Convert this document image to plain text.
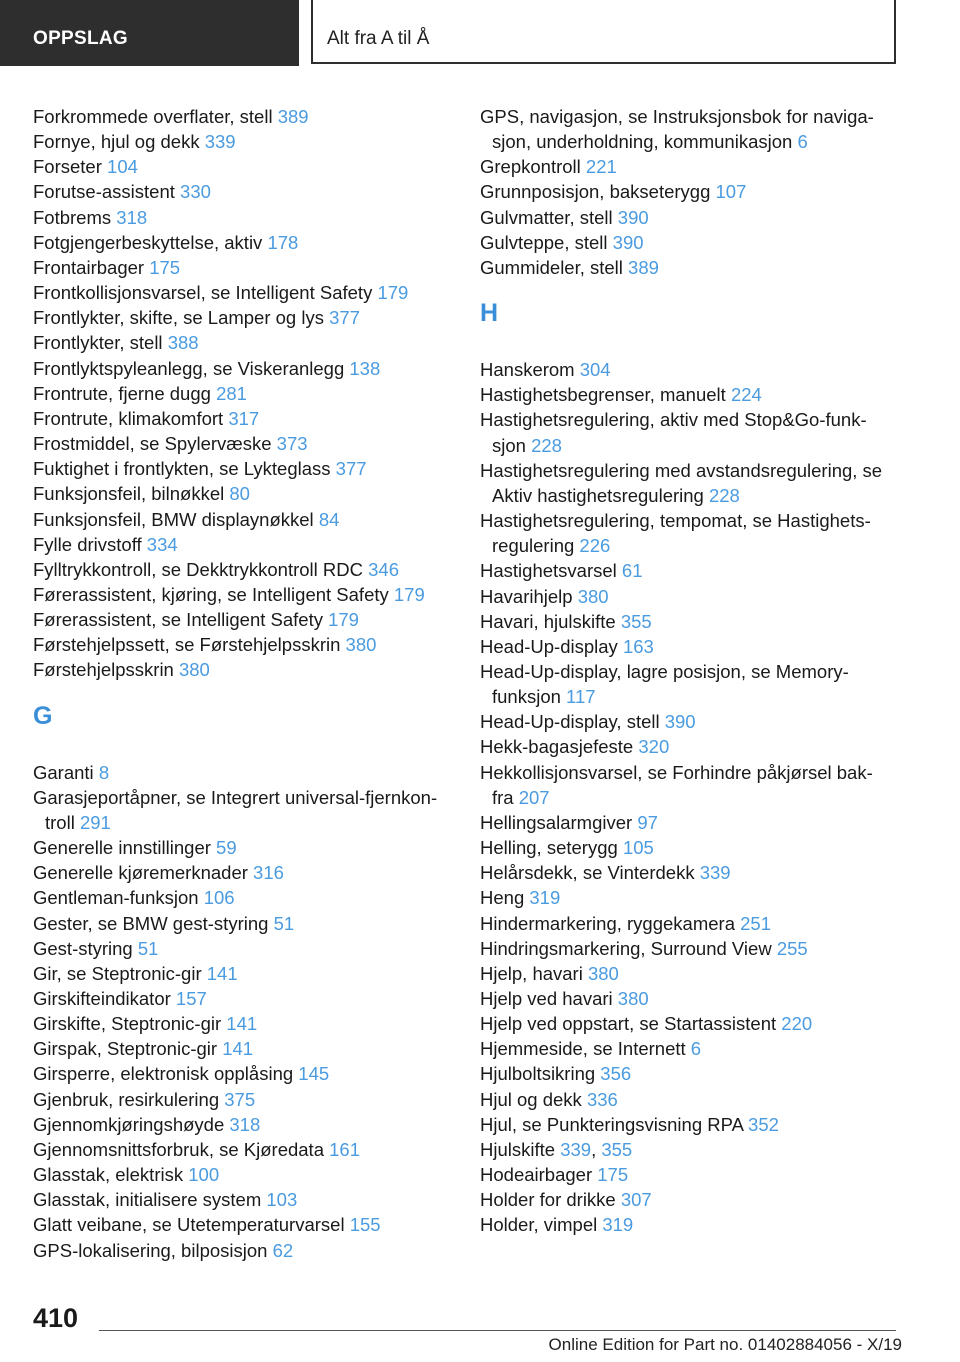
OPPSLAG	Alt fra A til Å
Forkrommede overflater, stell 389
Fornye, hjul og dekk 339
Forseter 104
Forutse-assistent 330
Fotbrems 318
Fotgjengerbeskyttelse, aktiv 178
Frontairbager 175
Frontkollisjonsvarsel, se Intelligent Safety 179
Frontlykter, skifte, se Lamper og lys 377
Frontlykter, stell 388
Frontlyktspyleanlegg, se Viskeranlegg 138
Frontrute, fjerne dugg 281
Frontrute, klimakomfort 317
Frostmiddel, se Spylervæske 373
Fuktighet i frontlykten, se Lykteglass 377
Funksjonsfeil, bilnøkkel 80
Funksjonsfeil, BMW displaynøkkel 84
Fylle drivstoff 334
Fylltrykkontroll, se Dekktrykkontroll RDC 346
Førerassistent, kjøring, se Intelligent Safety 179
Førerassistent, se Intelligent Safety 179
Førstehjelpssett, se Førstehjelpsskrin 380
Førstehjelpsskrin 380
G
Garanti 8
Garasjeportåpner, se Integrert universal-fjernkon-
troll 291
Generelle innstillinger 59
Generelle kjøremerknader 316
Gentleman-funksjon 106
Gester, se BMW gest-styring 51
Gest-styring 51
Gir, se Steptronic-gir 141
Girskifteindikator 157
Girskifte, Steptronic-gir 141
Girspak, Steptronic-gir 141
Girsperre, elektronisk opplåsing 145
Gjenbruk, resirkulering 375
Gjennomkjøringshøyde 318
Gjennomsnittsforbruk, se Kjøredata 161
Glasstak, elektrisk 100
Glasstak, initialisere system 103
Glatt veibane, se Utetemperaturvarsel 155
GPS-lokalisering, bilposisjon 62
GPS, navigasjon, se Instruksjonsbok for naviga-
sjon, underholdning, kommunikasjon 6
Grepkontroll 221
Grunnposisjon, bakseterygg 107
Gulvmatter, stell 390
Gulvteppe, stell 390
Gummideler, stell 389
H
Hanskerom 304
Hastighetsbegrenser, manuelt 224
Hastighetsregulering, aktiv med Stop&Go-funk-
sjon 228
Hastighetsregulering med avstandsregulering, se
Aktiv hastighetsregulering 228
Hastighetsregulering, tempomat, se Hastighets-
regulering 226
Hastighetsvarsel 61
Havarihjelp 380
Havari, hjulskifte 355
Head-Up-display 163
Head-Up-display, lagre posisjon, se Memory-
funksjon 117
Head-Up-display, stell 390
Hekk-bagasjefeste 320
Hekkollisjonsvarsel, se Forhindre påkjørsel bak-
fra 207
Hellingsalarmgiver 97
Helling, seterygg 105
Helårsdekk, se Vinterdekk 339
Heng 319
Hindermarkering, ryggekamera 251
Hindringsmarkering, Surround View 255
Hjelp, havari 380
Hjelp ved havari 380
Hjelp ved oppstart, se Startassistent 220
Hjemmeside, se Internett 6
Hjulboltsikring 356
Hjul og dekk 336
Hjul, se Punkteringsvisning RPA 352
Hjulskifte 339, 355
Hodeairbager 175
Holder for drikke 307
Holder, vimpel 319
410
Online Edition for Part no. 01402884056 - X/19
